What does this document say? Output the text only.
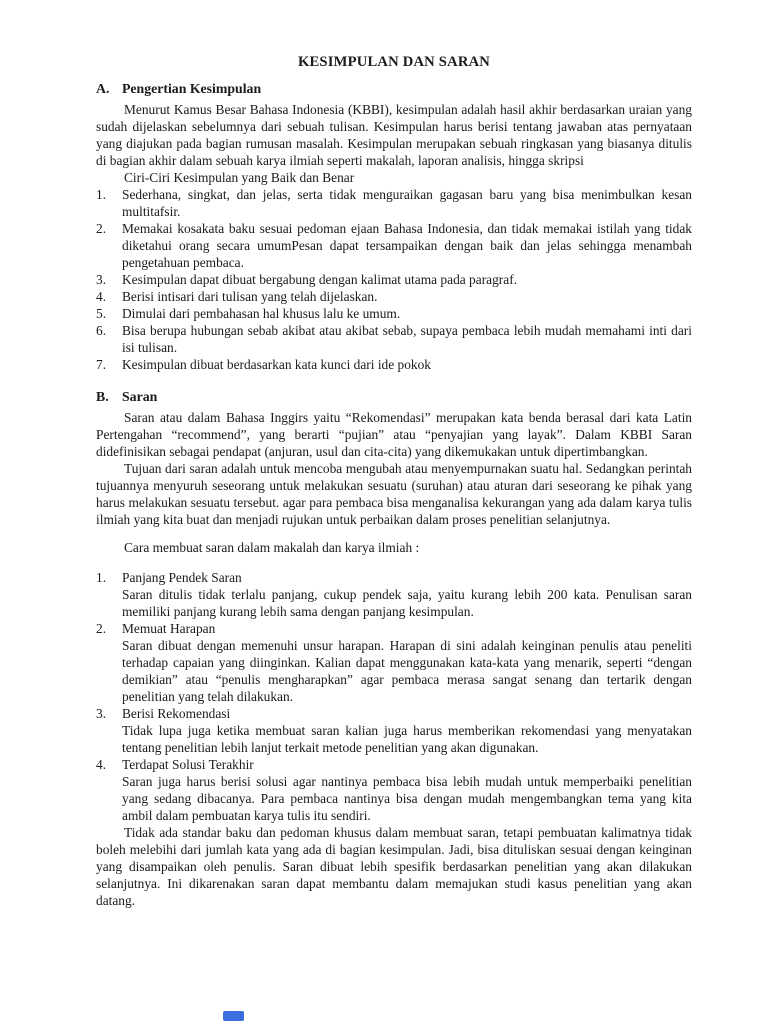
KESIMPULAN DAN SARAN
A. Pengertian Kesimpulan

Menurut Kamus Besar Bahasa Indonesia (KBBI), kesimpulan adalah hasil akhir berdasarkan uraian yang sudah dijelaskan sebelumnya dari sebuah tulisan. Kesimpulan harus berisi tentang jawaban atas pernyataan yang diajukan pada bagian rumusan masalah. Kesimpulan merupakan sebuah ringkasan yang biasanya ditulis di bagian akhir dalam sebuah karya ilmiah seperti makalah, laporan analisis, hingga skripsi

Ciri-Ciri Kesimpulan yang Baik dan Benar

1.	Sederhana, singkat, dan jelas, serta tidak menguraikan gagasan baru yang bisa menimbulkan kesan multitafsir.
2.	Memakai kosakata baku sesuai pedoman ejaan Bahasa Indonesia, dan tidak memakai istilah yang tidak diketahui orang secara umumPesan dapat tersampaikan dengan baik dan jelas sehingga menambah pengetahuan pembaca.
3.	Kesimpulan dapat dibuat bergabung dengan kalimat utama pada paragraf.
4.	Berisi intisari dari tulisan yang telah dijelaskan.
5.	Dimulai dari pembahasan hal khusus lalu ke umum.
6.	Bisa berupa hubungan sebab akibat atau akibat sebab, supaya pembaca lebih mudah memahami inti dari isi tulisan.
7.	Kesimpulan dibuat berdasarkan kata kunci dari ide pokok
B. Saran

Saran atau dalam Bahasa Inggirs yaitu “Rekomendasi” merupakan kata benda berasal dari kata Latin Pertengahan “recommend”, yang berarti “pujian” atau “penyajian yang layak”. Dalam KBBI Saran didefinisikan sebagai pendapat (anjuran, usul dan cita-cita) yang dikemukakan untuk dipertimbangkan.

Tujuan dari saran adalah untuk mencoba mengubah atau menyempurnakan suatu hal. Sedangkan perintah tujuannya menyuruh seseorang untuk melakukan sesuatu (suruhan) atau aturan dari seseorang ke pihak yang harus melakukan sesuatu tersebut. agar para pembaca bisa menganalisa kekurangan yang ada dalam karya tulis ilmiah yang kita buat dan menjadi rujukan untuk perbaikan dalam proses penelitian selanjutnya.

Cara membuat saran dalam makalah dan karya ilmiah :

1.	Panjang Pendek Saran
Saran ditulis tidak terlalu panjang, cukup pendek saja, yaitu kurang lebih 200 kata. Penulisan saran memiliki panjang kurang lebih sama dengan panjang kesimpulan.
2.	Memuat Harapan
Saran dibuat dengan memenuhi unsur harapan. Harapan di sini adalah keinginan penulis atau peneliti terhadap capaian yang diinginkan. Kalian dapat menggunakan kata-kata yang menarik, seperti “dengan demikian” atau “penulis mengharapkan” agar pembaca merasa sangat senang dan tertarik dengan penelitian yang telah dilakukan.
3.	Berisi Rekomendasi
Tidak lupa juga ketika membuat saran kalian juga harus memberikan rekomendasi yang menyatakan tentang penelitian lebih lanjut terkait metode penelitian yang akan digunakan.
4.	Terdapat Solusi Terakhir
Saran juga harus berisi solusi agar nantinya pembaca bisa lebih mudah untuk memperbaiki penelitian yang sedang dibacanya. Para pembaca nantinya bisa dengan mudah mengembangkan tema yang kita ambil dalam pembuatan karya tulis itu sendiri.

Tidak ada standar baku dan pedoman khusus dalam membuat saran, tetapi pembuatan kalimatnya tidak boleh melebihi dari jumlah kata yang ada di bagian kesimpulan. Jadi, bisa dituliskan sesuai dengan keinginan yang disampaikan oleh penulis. Saran dibuat lebih spesifik berdasarkan penelitian yang akan dilakukan selanjutnya. Ini dikarenakan saran dapat membantu dalam memajukan studi kasus penelitian yang akan datang.
